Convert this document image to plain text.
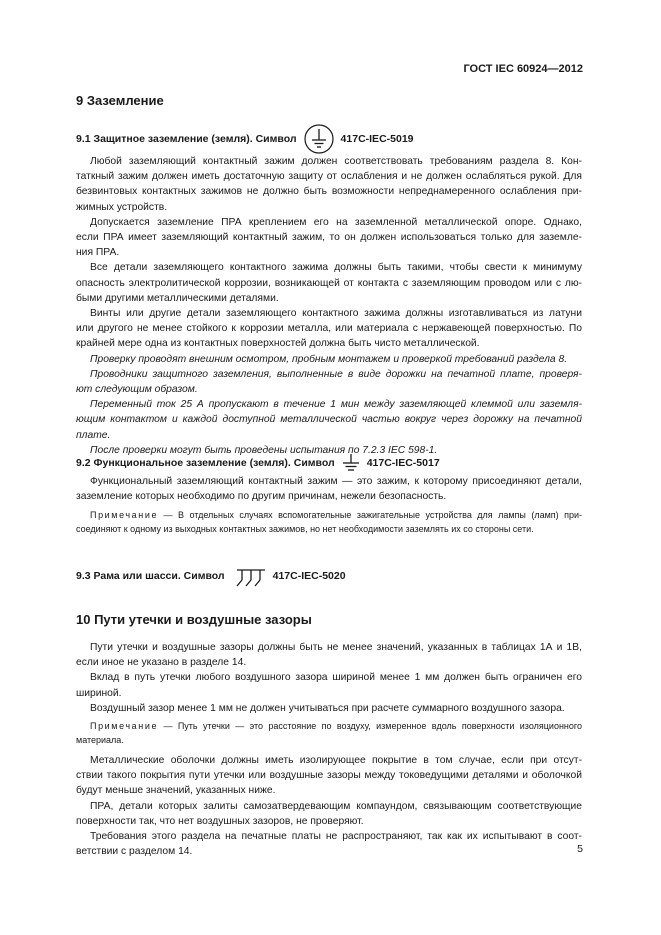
ГОСТ IEC 60924—2012
9 Заземление
9.1 Защитное заземление (земля). Символ	417C-IEC-5019

Любой заземляющий контактный зажим должен соответствовать требованиям раздела 8. Кон-
таткный зажим должен иметь достаточную защиту от ослабления и не должен ослабляться рукой. Для
безвинтовых контактных зажимов не должно быть возможности непреднамеренного ослабления при-
жимных устройств.

Допускается заземление ПРА креплением его на заземленной металлической опоре. Однако,
если ПРА имеет заземляющий контактный зажим, то он должен использоваться только для заземле-
ния ПРА.

Все детали заземляющего контактного зажима должны быть такими, чтобы свести к минимуму
опасность электролитической коррозии, возникающей от контакта с заземляющим проводом или с лю-
быми другими металлическими деталями.

Винты или другие детали заземляющего контактного зажима должны изготавливаться из латуни
или другого не менее стойкого к коррозии металла, или материала с нержавеющей поверхностью. По
крайней мере одна из контактных поверхностей должна быть чисто металлической.

Проверку проводят внешним осмотром, пробным монтажем и проверкой требований раздела 8.

Проводники защитного заземления, выполненные в виде дорожки на печатной плате, проверя-
ют следующим образом.

Переменный ток 25 А пропускают в течение 1 мин между заземляющей клеммой или заземля-
ющим контактом и каждой доступной металлической частью вокруг через дорожку на печатной
плате.

После проверки могут быть проведены испытания по 7.2.3 IEC 598-1.

9.2 Функциональное заземление (земля). Символ	417C-IEC-5017

Функциональный заземляющий контактный зажим — это зажим, к которому присоединяют детали,
заземление которых необходимо по другим причинам, нежели безопасность.

Примечание — В отдельных случаях вспомогательные зажигательные устройства для лампы (ламп) при-
соединяют к одному из выходных контактных зажимов, но нет необходимости заземлять их со стороны сети.
9.3 Рама или шасси. Символ	417C-IEC-5020
10 Пути утечки и воздушные зазоры

Пути утечки и воздушные зазоры должны быть не менее значений, указанных в таблицах 1А и 1В,
если иное не указано в разделе 14.

Вклад в путь утечки любого воздушного зазора шириной менее 1 мм должен быть ограничен его
шириной.

Воздушный зазор менее 1 мм не должен учитываться при расчете суммарного воздушного зазора.

Примечание — Путь утечки — это расстояние по воздуху, измеренное вдоль поверхности изоляционного
материала.

Металлические оболочки должны иметь изолирующее покрытие в том случае, если при отсут-
ствии такого покрытия пути утечки или воздушные зазоры между токоведущими деталями и оболочкой
будут меньше значений, указанных ниже.

ПРА, детали которых залиты самозатвердевающим компаундом, связывающим соответствующие
поверхности так, что нет воздушных зазоров, не проверяют.

Требования этого раздела на печатные платы не распространяют, так как их испытывают в соот-
ветствии с разделом 14.	5
